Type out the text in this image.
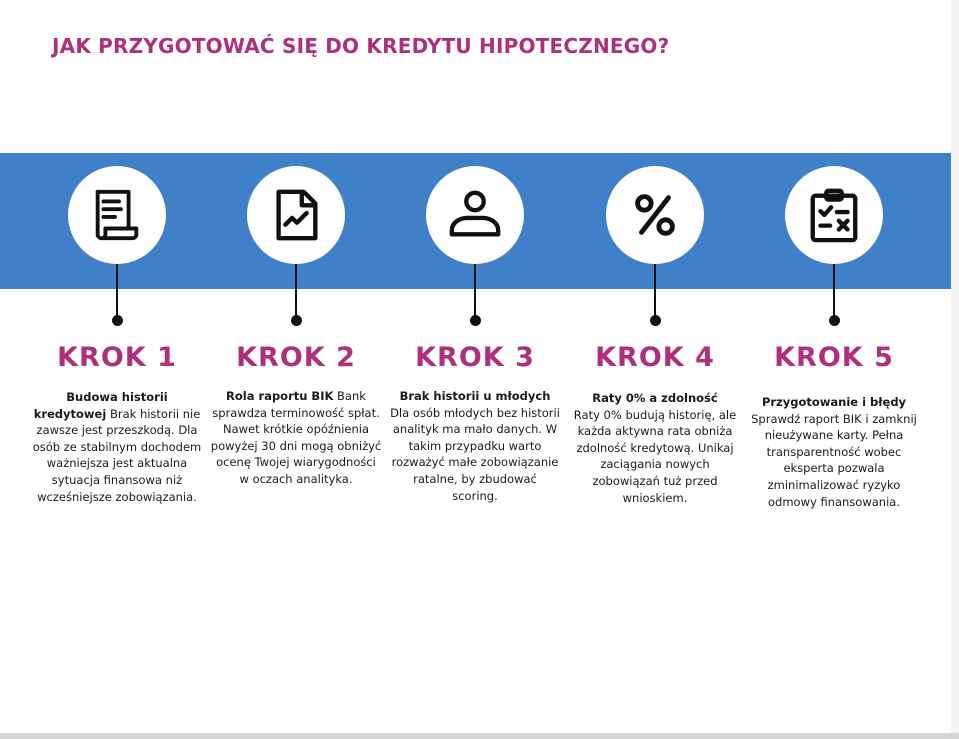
JAK PRZYGOTOWAĆ SIĘ DO KREDYTU HIPOTECZNEGO?
KROK 1
Budowa historii kredytowej Brak historii nie zawsze jest przeszkodą. Dla osób ze stabilnym dochodem ważniejsza jest aktualna sytuacja finansowa niż wcześniejsze zobowiązania.
KROK 2
Rola raportu BIK Bank sprawdza terminowość spłat. Nawet krótkie opóźnienia powyżej 30 dni mogą obniżyć ocenę Twojej wiarygodności w oczach analityka.
KROK 3
Brak historii u młodych
Dla osób młodych bez historii analityk ma mało danych. W takim przypadku warto rozważyć małe zobowiązanie ratalne, by zbudować scoring.
KROK 4
Raty 0% a zdolność
Raty 0% budują historię, ale każda aktywna rata obniża zdolność kredytową. Unikaj zaciągania nowych zobowiązań tuż przed wnioskiem.
KROK 5
Przygotowanie i błędy
Sprawdź raport BIK i zamknij nieużywane karty. Pełna transparentność wobec eksperta pozwala zminimalizować ryzyko odmowy finansowania.
